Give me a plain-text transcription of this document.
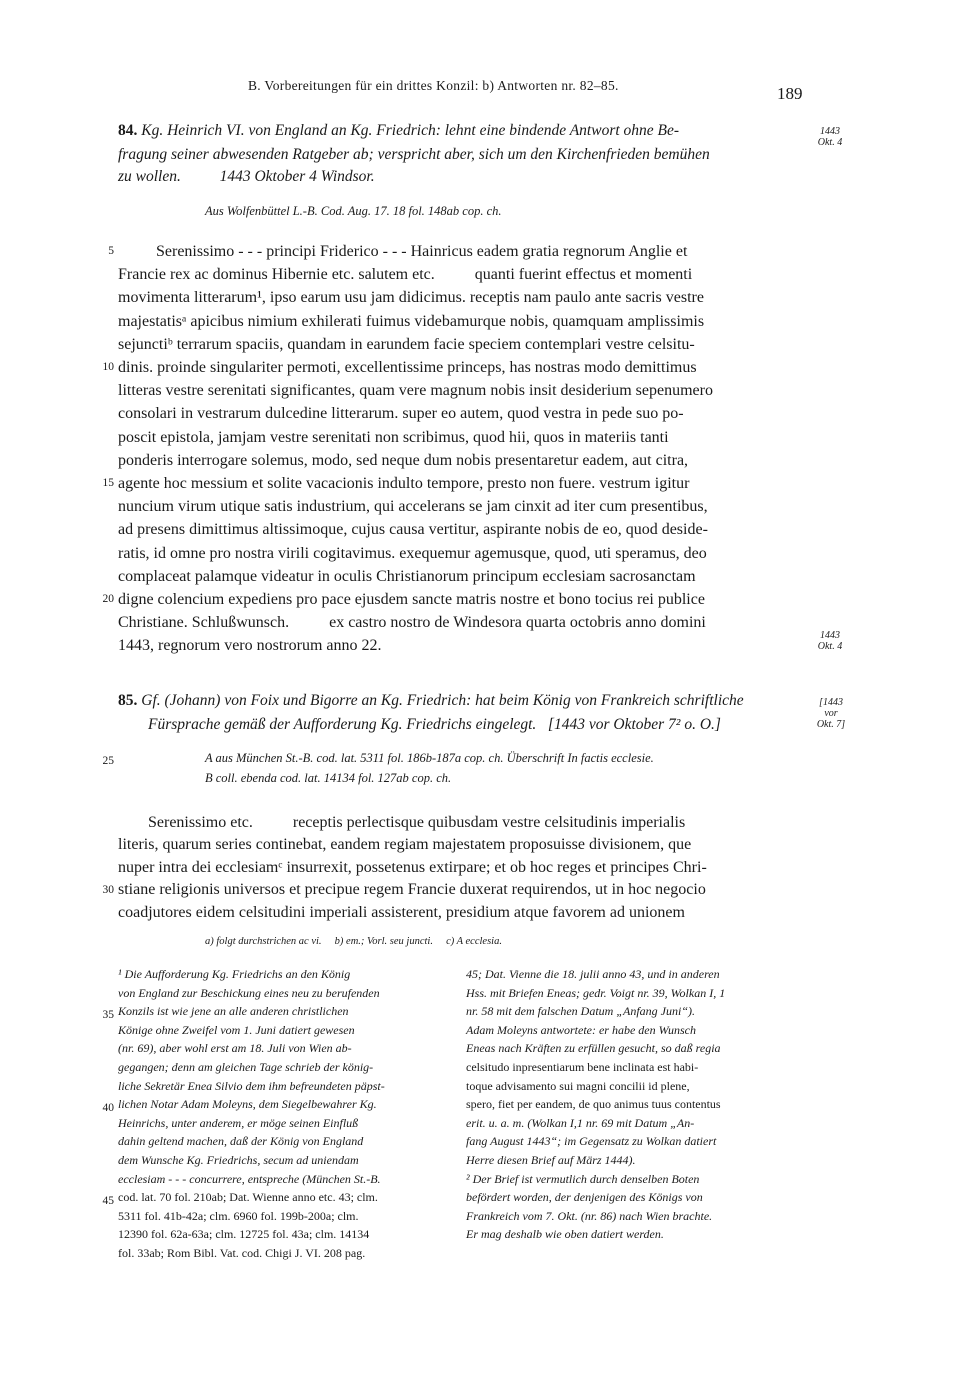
B. Vorbereitungen für ein drittes Konzil: b) Antworten nr. 82–85.	189
84. Kg. Heinrich VI. von England an Kg. Friedrich: lehnt eine bindende Antwort ohne Be-
fragung seiner abwesenden Ratgeber ab; verspricht aber, sich um den Kirchenfrieden bemühen
zu wollen.          1443 Oktober 4 Windsor.
1443
Okt. 4
Aus Wolfenbüttel L.-B. Cod. Aug. 17. 18 fol. 148ab cop. ch.
Serenissimo - - - principi Friderico - - - Hainricus eadem gratia regnorum Anglie et
Francie rex ac dominus Hibernie etc. salutem etc.          quanti fuerint effectus et momenti
movimenta litterarum¹, ipso earum usu jam didicimus. receptis nam paulo ante sacris vestre
majestatisᵃ apicibus nimium exhilerati fuimus videbamurque nobis, quamquam amplissimis
sejunctiᵇ terrarum spaciis, quandam in earundem facie speciem contemplari vestre celsitu-
dinis. proinde singulariter permoti, excellentissime princeps, has nostras modo demittimus
litteras vestre serenitati significantes, quam vere magnum nobis insit desiderium sepenumero
consolari in vestrarum dulcedine litterarum. super eo autem, quod vestra in pede suo po-
poscit epistola, jamjam vestre serenitati non scribimus, quod hii, quos in materiis tanti
ponderis interrogare solemus, modo, sed neque dum nobis presentaretur eadem, aut citra,
agente hoc messium et solite vacacionis indulto tempore, presto non fuere. vestrum igitur
nuncium virum utique satis industrium, qui accelerans se jam cinxit ad iter cum presentibus,
ad presens dimittimus altissimoque, cujus causa vertitur, aspirante nobis de eo, quod deside-
ratis, id omne pro nostra virili cogitavimus. exequemur agemusque, quod, uti speramus, deo
complaceat palamque videatur in oculis Christianorum principum ecclesiam sacrosanctam
digne colencium expediens pro pace ejusdem sancte matris nostre et bono tocius rei publice
Christiane. Schlußwunsch.          ex castro nostro de Windesora quarta octobris anno domini
1443, regnorum vero nostrorum anno 22.
5
10
15
20
1443
Okt. 4
85. Gf. (Johann) von Foix und Bigorre an Kg. Friedrich: hat beim König von Frankreich schriftliche
Fürsprache gemäß der Aufforderung Kg. Friedrichs eingelegt.   [1443 vor Oktober 7² o. O.]
[1443
vor
Okt. 7]
25	A aus München St.-B. cod. lat. 5311 fol. 186b-187a cop. ch. Überschrift In factis ecclesie.
B coll. ebenda cod. lat. 14134 fol. 127ab cop. ch.
Serenissimo etc.          receptis perlectisque quibusdam vestre celsitudinis imperialis
literis, quarum series continebat, eandem regiam majestatem proposuisse divisionem, que
nuper intra dei ecclesiamᶜ insurrexit, possetenus extirpare; et ob hoc reges et principes Chri-
stiane religionis universos et precipue regem Francie duxerat requirendos, ut in hoc negocio
coadjutores eidem celsitudini imperiali assisterent, presidium atque favorem ad unionem
30
a) folgt durchstrichen ac vi.     b) em.; Vorl. seu juncti.     c) A ecclesia.
¹ Die Aufforderung Kg. Friedrichs an den König
von England zur Beschickung eines neu zu berufenden
Konzils ist wie jene an alle anderen christlichen
Könige ohne Zweifel vom 1. Juni datiert gewesen
(nr. 69), aber wohl erst am 18. Juli von Wien ab-
gegangen; denn am gleichen Tage schrieb der könig-
liche Sekretär Enea Silvio dem ihm befreundeten päpst-
lichen Notar Adam Moleyns, dem Siegelbewahrer Kg.
Heinrichs, unter anderem, er möge seinen Einfluß
dahin geltend machen, daß der König von England
dem Wunsche Kg. Friedrichs, secum ad uniendam
ecclesiam - - - concurrere, entspreche (München St.-B.
cod. lat. 70 fol. 210ab; Dat. Wienne anno etc. 43; clm.
5311 fol. 41b-42a; clm. 6960 fol. 199b-200a; clm.
12390 fol. 62a-63a; clm. 12725 fol. 43a; clm. 14134
fol. 33ab; Rom Bibl. Vat. cod. Chigi J. VI. 208 pag.
35
40
45
45; Dat. Vienne die 18. julii anno 43, und in anderen
Hss. mit Briefen Eneas; gedr. Voigt nr. 39, Wolkan I, 1
nr. 58 mit dem falschen Datum „Anfang Juni“).
Adam Moleyns antwortete: er habe den Wunsch
Eneas nach Kräften zu erfüllen gesucht, so daß regia
celsitudo inpresentiarum bene inclinata est habi-
toque advisamento sui magni concilii id plene,
spero, fiet per eandem, de quo animus tuus contentus
erit. u. a. m. (Wolkan I,1 nr. 69 mit Datum „An-
fang August 1443“; im Gegensatz zu Wolkan datiert
Herre diesen Brief auf März 1444).
² Der Brief ist vermutlich durch denselben Boten
befördert worden, der denjenigen des Königs von
Frankreich vom 7. Okt. (nr. 86) nach Wien brachte.
Er mag deshalb wie oben datiert werden.
